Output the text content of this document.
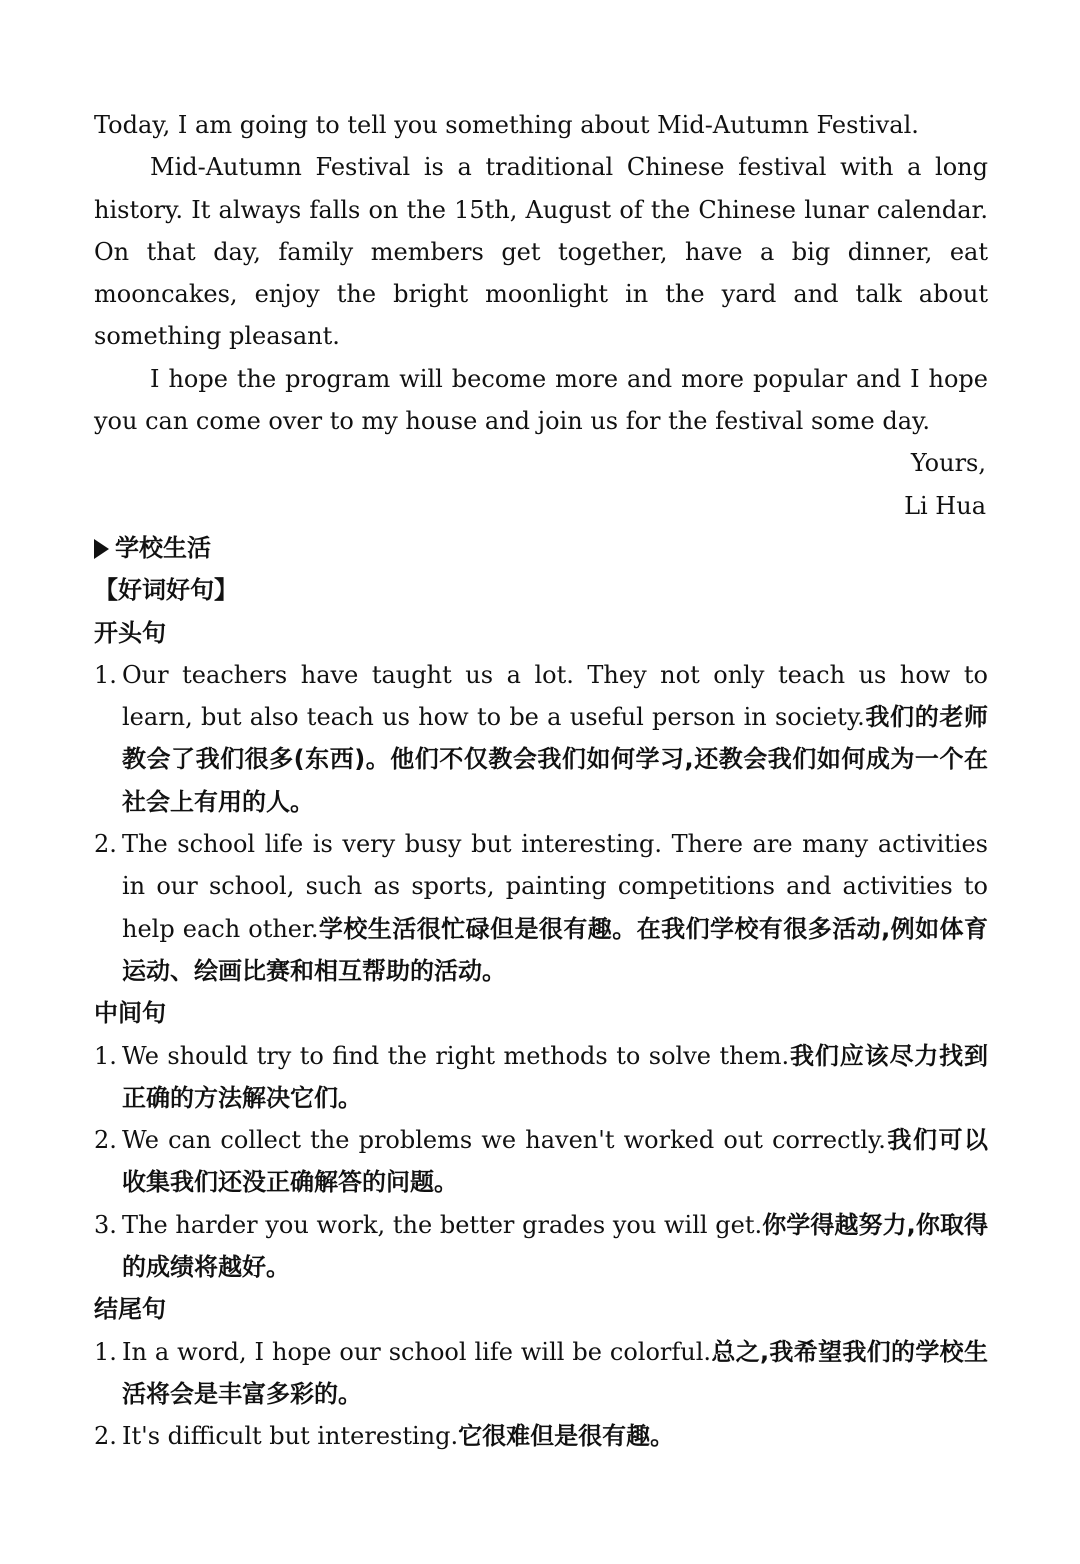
Today, I am going to tell you something about Mid-Autumn Festival.
Mid-Autumn Festival is a traditional Chinese festival with a long history. It always falls on the 15th, August of the Chinese lunar calendar. On that day, family members get together, have a big dinner, eat mooncakes, enjoy the bright moonlight in the yard and talk about something pleasant.
I hope the program will become more and more popular and I hope you can come over to my house and join us for the festival some day.
Yours,
Li Hua
学校生活
【好词好句】
开头句
1. Our teachers have taught us a lot. They not only teach us how to learn, but also teach us how to be a useful person in society.我们的老师教会了我们很多(东西)。他们不仅教会我们如何学习,还教会我们如何成为一个在社会上有用的人。
2. The school life is very busy but interesting. There are many activities in our school, such as sports, painting competitions and activities to help each other.学校生活很忙碌但是很有趣。在我们学校有很多活动,例如体育运动、绘画比赛和相互帮助的活动。
中间句
1. We should try to find the right methods to solve them.我们应该尽力找到正确的方法解决它们。
2. We can collect the problems we haven't worked out correctly.我们可以收集我们还没正确解答的问题。
3. The harder you work, the better grades you will get.你学得越努力,你取得的成绩将越好。
结尾句
1. In a word, I hope our school life will be colorful.总之,我希望我们的学校生活将会是丰富多彩的。
2. It's difficult but interesting.它很难但是很有趣。
